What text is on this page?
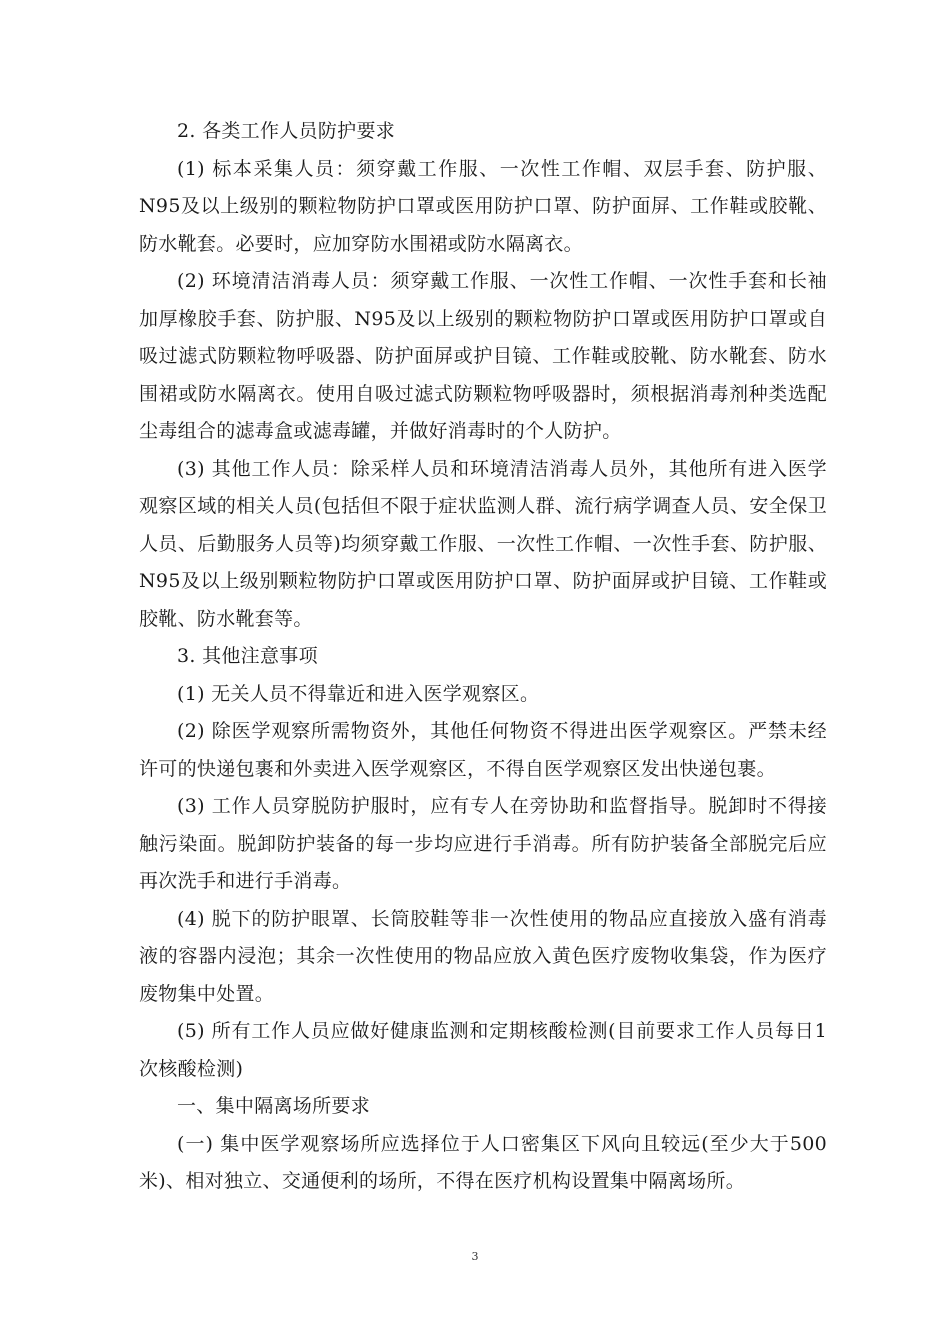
2. 各类工作人员防护要求

(1) 标本采集人员：须穿戴工作服、一次性工作帽、双层手套、防护服、N95及以上级别的颗粒物防护口罩或医用防护口罩、防护面屏、工作鞋或胶靴、防水靴套。必要时，应加穿防水围裙或防水隔离衣。

(2) 环境清洁消毒人员：须穿戴工作服、一次性工作帽、一次性手套和长袖加厚橡胶手套、防护服、N95及以上级别的颗粒物防护口罩或医用防护口罩或自吸过滤式防颗粒物呼吸器、防护面屏或护目镜、工作鞋或胶靴、防水靴套、防水围裙或防水隔离衣。使用自吸过滤式防颗粒物呼吸器时，须根据消毒剂种类选配尘毒组合的滤毒盒或滤毒罐，并做好消毒时的个人防护。

(3) 其他工作人员：除采样人员和环境清洁消毒人员外，其他所有进入医学观察区域的相关人员(包括但不限于症状监测人群、流行病学调查人员、安全保卫人员、后勤服务人员等)均须穿戴工作服、一次性工作帽、一次性手套、防护服、N95及以上级别颗粒物防护口罩或医用防护口罩、防护面屏或护目镜、工作鞋或胶靴、防水靴套等。

3. 其他注意事项

(1) 无关人员不得靠近和进入医学观察区。

(2) 除医学观察所需物资外，其他任何物资不得进出医学观察区。严禁未经许可的快递包裹和外卖进入医学观察区，不得自医学观察区发出快递包裹。

(3) 工作人员穿脱防护服时，应有专人在旁协助和监督指导。脱卸时不得接触污染面。脱卸防护装备的每一步均应进行手消毒。所有防护装备全部脱完后应再次洗手和进行手消毒。

(4) 脱下的防护眼罩、长筒胶鞋等非一次性使用的物品应直接放入盛有消毒液的容器内浸泡；其余一次性使用的物品应放入黄色医疗废物收集袋，作为医疗废物集中处置。

(5) 所有工作人员应做好健康监测和定期核酸检测(目前要求工作人员每日1次核酸检测)

一、集中隔离场所要求

(一) 集中医学观察场所应选择位于人口密集区下风向且较远(至少大于500米)、相对独立、交通便利的场所，不得在医疗机构设置集中隔离场所。

3
